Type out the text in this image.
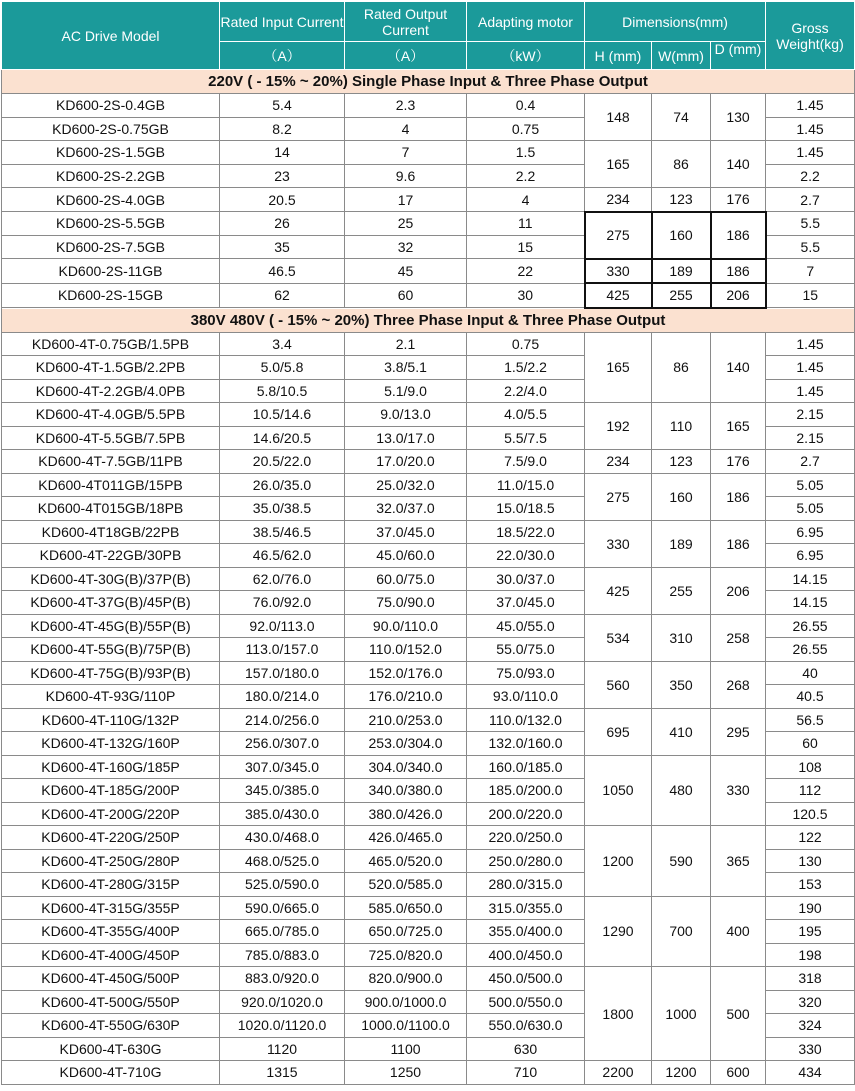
AC Drive Model	Rated Input Current	Rated Output Current	Adapting motor	Dimensions(mm)			Gross Weight(kg)
	（A）	（A）	（kW）	H (mm)	W(mm)	D (mm)	
220V ( - 15% ~ 20%) Single Phase Input & Three Phase Output							
KD600-2S-0.4GB	5.4	2.3	0.4	148	74	130	1.45
KD600-2S-0.75GB	8.2	4	0.75				1.45
KD600-2S-1.5GB	14	7	1.5	165	86	140	1.45
KD600-2S-2.2GB	23	9.6	2.2				2.2
KD600-2S-4.0GB	20.5	17	4	234	123	176	2.7
KD600-2S-5.5GB	26	25	11	275	160	186	5.5
KD600-2S-7.5GB	35	32	15				5.5
KD600-2S-11GB	46.5	45	22	330	189	186	7
KD600-2S-15GB	62	60	30	425	255	206	15
380V 480V ( - 15% ~ 20%) Three Phase Input & Three Phase Output							
KD600-4T-0.75GB/1.5PB	3.4	2.1	0.75	165	86	140	1.45
KD600-4T-1.5GB/2.2PB	5.0/5.8	3.8/5.1	1.5/2.2				1.45
KD600-4T-2.2GB/4.0PB	5.8/10.5	5.1/9.0	2.2/4.0				1.45
KD600-4T-4.0GB/5.5PB	10.5/14.6	9.0/13.0	4.0/5.5	192	110	165	2.15
KD600-4T-5.5GB/7.5PB	14.6/20.5	13.0/17.0	5.5/7.5				2.15
KD600-4T-7.5GB/11PB	20.5/22.0	17.0/20.0	7.5/9.0	234	123	176	2.7
KD600-4T011GB/15PB	26.0/35.0	25.0/32.0	11.0/15.0	275	160	186	5.05
KD600-4T015GB/18PB	35.0/38.5	32.0/37.0	15.0/18.5				5.05
KD600-4T18GB/22PB	38.5/46.5	37.0/45.0	18.5/22.0	330	189	186	6.95
KD600-4T-22GB/30PB	46.5/62.0	45.0/60.0	22.0/30.0				6.95
KD600-4T-30G(B)/37P(B)	62.0/76.0	60.0/75.0	30.0/37.0	425	255	206	14.15
KD600-4T-37G(B)/45P(B)	76.0/92.0	75.0/90.0	37.0/45.0				14.15
KD600-4T-45G(B)/55P(B)	92.0/113.0	90.0/110.0	45.0/55.0	534	310	258	26.55
KD600-4T-55G(B)/75P(B)	113.0/157.0	110.0/152.0	55.0/75.0				26.55
KD600-4T-75G(B)/93P(B)	157.0/180.0	152.0/176.0	75.0/93.0	560	350	268	40
KD600-4T-93G/110P	180.0/214.0	176.0/210.0	93.0/110.0				40.5
KD600-4T-110G/132P	214.0/256.0	210.0/253.0	110.0/132.0	695	410	295	56.5
KD600-4T-132G/160P	256.0/307.0	253.0/304.0	132.0/160.0				60
KD600-4T-160G/185P	307.0/345.0	304.0/340.0	160.0/185.0	1050	480	330	108
KD600-4T-185G/200P	345.0/385.0	340.0/380.0	185.0/200.0				112
KD600-4T-200G/220P	385.0/430.0	380.0/426.0	200.0/220.0				120.5
KD600-4T-220G/250P	430.0/468.0	426.0/465.0	220.0/250.0	1200	590	365	122
KD600-4T-250G/280P	468.0/525.0	465.0/520.0	250.0/280.0				130
KD600-4T-280G/315P	525.0/590.0	520.0/585.0	280.0/315.0				153
KD600-4T-315G/355P	590.0/665.0	585.0/650.0	315.0/355.0	1290	700	400	190
KD600-4T-355G/400P	665.0/785.0	650.0/725.0	355.0/400.0				195
KD600-4T-400G/450P	785.0/883.0	725.0/820.0	400.0/450.0				198
KD600-4T-450G/500P	883.0/920.0	820.0/900.0	450.0/500.0	1800	1000	500	318
KD600-4T-500G/550P	920.0/1020.0	900.0/1000.0	500.0/550.0				320
KD600-4T-550G/630P	1020.0/1120.0	1000.0/1100.0	550.0/630.0				324
KD600-4T-630G	1120	1100	630				330
KD600-4T-710G	1315	1250	710	2200	1200	600	434
